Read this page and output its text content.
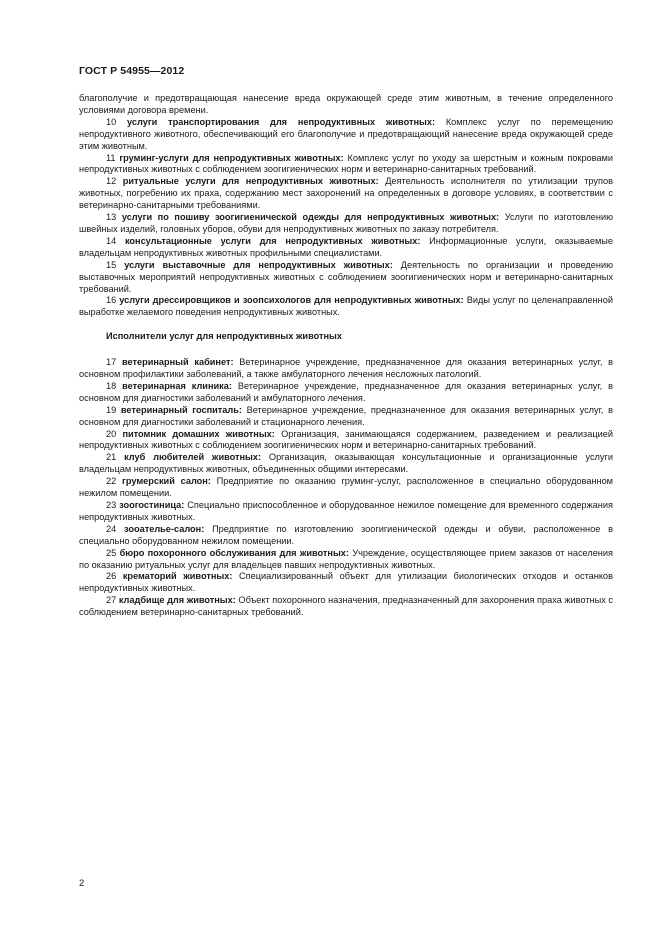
ГОСТ Р 54955—2012

благополучие и предотвращающая нанесение вреда окружающей среде этим животным, в течение определенного условиями договора времени.

10 услуги транспортирования для непродуктивных животных: Комплекс услуг по перемещению непродуктивного животного, обеспечивающий его благополучие и предотвращающий нанесение вреда окружающей среде этим животным.

11 груминг-услуги для непродуктивных животных: Комплекс услуг по уходу за шерстным и кожным покровами непродуктивных животных с соблюдением зоогигиенических норм и ветеринарно-санитарных требований.

12 ритуальные услуги для непродуктивных животных: Деятельность исполнителя по утилизации трупов животных, погребению их праха, содержанию мест захоронений на определенных в договоре условиях, в соответствии с ветеринарно-санитарными требованиями.

13 услуги по пошиву зоогигиенической одежды для непродуктивных животных: Услуги по изготовлению швейных изделий, головных уборов, обуви для непродуктивных животных по заказу потребителя.

14 консультационные услуги для непродуктивных животных: Информационные услуги, оказываемые владельцам непродуктивных животных профильными специалистами.

15 услуги выставочные для непродуктивных животных: Деятельность по организации и проведению выставочных мероприятий непродуктивных животных с соблюдением зоогигиенических норм и ветеринарно-санитарных требований.

16 услуги дрессировщиков и зоопсихологов для непродуктивных животных: Виды услуг по целенаправленной выработке желаемого поведения непродуктивных животных.

Исполнители услуг для непродуктивных животных

17 ветеринарный кабинет: Ветеринарное учреждение, предназначенное для оказания ветеринарных услуг, в основном профилактики заболеваний, а также амбулаторного лечения несложных патологий.

18 ветеринарная клиника: Ветеринарное учреждение, предназначенное для оказания ветеринарных услуг, в основном для диагностики заболеваний и амбулаторного лечения.

19 ветеринарный госпиталь: Ветеринарное учреждение, предназначенное для оказания ветеринарных услуг, в основном для диагностики заболеваний и стационарного лечения.

20 питомник домашних животных: Организация, занимающаяся содержанием, разведением и реализацией непродуктивных животных с соблюдением зоогигиенических норм и ветеринарно-санитарных требований.

21 клуб любителей животных: Организация, оказывающая консультационные и организационные услуги владельцам непродуктивных животных, объединенных общими интересами.

22 грумерский салон: Предприятие по оказанию груминг-услуг, расположенное в специально оборудованном нежилом помещении.

23 зоогостиница: Специально приспособленное и оборудованное нежилое помещение для временного содержания непродуктивных животных.

24 зооателье-салон: Предприятие по изготовлению зоогигиенической одежды и обуви, расположенное в специально оборудованном нежилом помещении.

25 бюро похоронного обслуживания для животных: Учреждение, осуществляющее прием заказов от населения по оказанию ритуальных услуг для владельцев павших непродуктивных животных.

26 крематорий животных: Специализированный объект для утилизации биологических отходов и останков непродуктивных животных.

27 кладбище для животных: Объект похоронного назначения, предназначенный для захоронения праха животных с соблюдением ветеринарно-санитарных требований.

2
